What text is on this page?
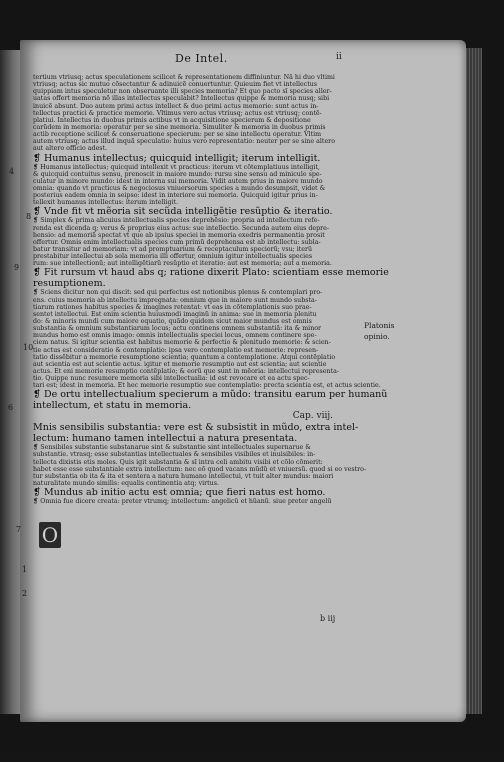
De Intel.	ii
tertium vtriusq; actus speculationem scilicet & representationem diffiniuntur. Nã hi duo vltimi
vtriusq; actus sic mutuo cõsectantur & adinuicẽ conuertuntur. Quieuim fiet vt intellectus
quippiam intus speculetur non obseruante illi species memoria? Et quo pacto sĩ species aller-
uatas offert memoria nõ illas intellectus speculabit? Intellectus quippe & memoria nusq; sibi
inuicẽ absunt. Duo autem primi actus intellect & duo primi actus memorie: sunt actus in-
tellectus practici & practice memorie. Vltimus vero actus vtriusq; actus est vtriusq; contẽ-
platiui. Intellectus in duobus primis actibus vt in acquisitione specierum & depositione
carũdem in memoria: operatur per se sine memoria. Simuliter & memoria in duobus primis
actib receptione scilicet & conseruatione specierum: per se sine intellectu operatur. Vltim
autem vtriusq; actus illud inquã speculatio: huius vero representatio: neuter per se sine altero
aut altero officio adest.
❡ Humanus intellectus; quicquid intelligit; iterum intelligit.
❡ Humanus intellectus; quicquid intellexit vt practicus: iterum vt cõtemplatiuus intelligit,
& quicquid contuitus sensu, prenoscit in maiore mundo: rursu sine sensu ad minicule spe-
culatur in minore mundo: idest in interna sui memoria. Vidit autem prius in maiore mundo
omnia: quando vt practicus & negociosus vniuersorum species a mundo desumpsit, videt &
posterius eadem omnia in seipso: idest in interiore sui memoria. Quicquid igitur prius in-
tellexit humanus intellectus: iterum intelligit.
❡ Vnde fit vt mẽoria sit secũda intelligẽtie resũptio & iteratio.
❡ Simplex & prima alicuius intellectualis species deprehẽsio: propria ad intellectum refe-
renda est dicenda q; verus & proprius eius actus: sue intellectio. Secunda autem eius depre-
hensio: ad memoriã spectat vt que ab ipsius speciei in memoria exedris permanentia prosit
offertur. Omnis enim intellectualis species cum primũ deprehensa est ab intellectu: subla-
batur transitur ad memoriam: vt ad promptuarium & receptaculum specierũ; vsu; iterũ
prestabitur intellectui ab sola memoria illi offertur, omnium igitur intellectualis species
rum: sue intellectionũ; aut intelligẽtiarũ resũptio et iteratio: aut est memoria; aut a memoria.
❡ Fit rursum vt haud abs q; ratione dixerit Plato: scientiam esse memorie
resumptionem.
❡ Sciens dicitur non qui discit: sed qui perfectus est notionibus plenus & contemplari pro-
ens. cuius memoria ab intellectu impregnata: omnium que in maiore sunt mundo substa-
tiarum rationes habitus species & imagines retentat: vt eas in cõtemplationis suo prae-
sentet intellectui. Est enim scientia huiusmodi imaginũ in anima: sue in memoria plenitu
do: & minoris mundi cum maiore equatio, quãdo quidem sicut maior mundus est omnis
substantia & omnium substantiarum locus; actu continens omnem substantiã: ita & minor
mundus homo est omnis imago: omnis intellectualis speciei locus, omnem continere spe-
ciem natus. Si igitur scientia est habitus memorie & perfectio & plenitudo memorie: & scien-
tie actus est consideratio & contemplatio: ipsa vero contemplatio est memorie: represen-
tatio dissẽbitur a memorie resumptione scientia; quantum a contemplatione. Atqui contẽplatio
aut scientia est aut scientie actus. igitur et memorie resumptio aut est scientia; aut scientie
actus. Et eni memorie resumptio contẽplatio; & eorũ que sunt in mẽoria: intellectui representa-
tio. Quippe nunc resumere memoria sibi intellectualia: id est revocare et ea actu spec-
tari est; idest in memoria. Et hec memorie resumptio sue contemplatio: precta scientia est, et actus scientie.
❡ De ortu intellectualium specierum a mũdo: transitu earum per humanũ
intellectum, et statu in memoria.
Cap. viij.
Mnis sensibilis substantia: vere est & subsistit in mũdo, extra intel-
lectum: humano tamen intellectui a natura presentata.
❡ Sensibiles substantie substanarue sint & substantie sint intellectuales supernarue &
substantie. vtrasq; esse substantias intellectuales & sensibiles visibiles et inuisibiles: in-
tellecta dixistis etis moles. Quis igit substantia & sĩ intra celi ambitu visibi et cõlo cõmerit:
habet esse esse substantiale extra intellectum: nec eõ quod vacans mũdũ et vniuersũ. quod si eo vestro-
tur substantia ob ita & ita et sentera a natura humano intellectui, vt tuit alter mundus: maiori
naturalitate mundo similis: equalis continentia atq; virtus.
❡ Mundus ab initio actu est omnia; que fieri natus est homo.
❡ Omnia fue dicere creata: preter vtrumq; intellectum: angelicũ et hũanũ. siue preter angelũ
O
Platonis
opinio.
4
8
9
10
6
7
1
2
b iij
